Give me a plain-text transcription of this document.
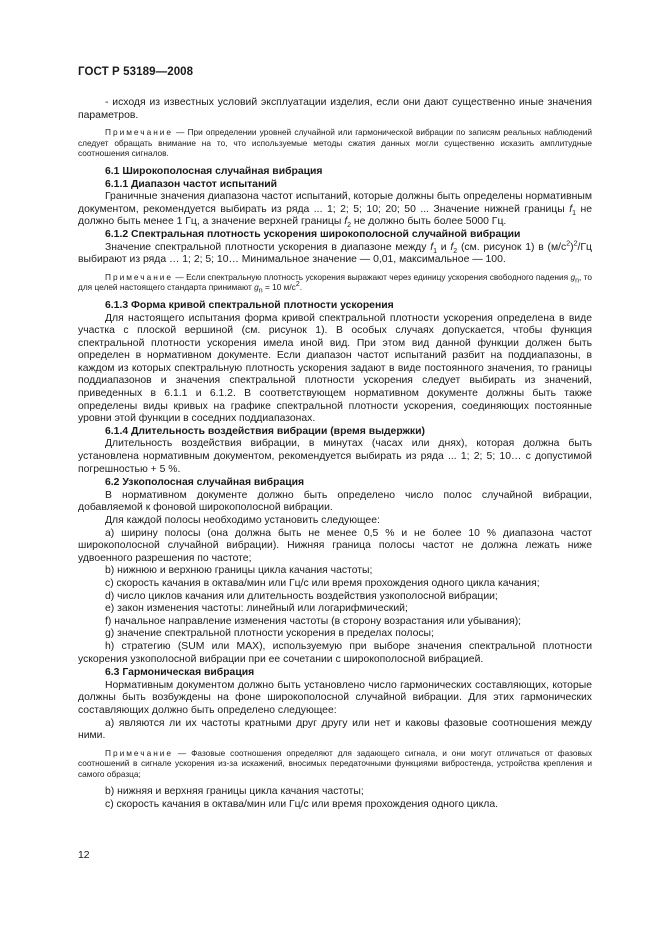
ГОСТ Р 53189—2008

- исходя из известных условий эксплуатации изделия, если они дают существенно иные значения параметров.

Примечание — При определении уровней случайной или гармонической вибрации по записям реальных наблюдений следует обращать внимание на то, что используемые методы сжатия данных могли существенно исказить амплитудные соотношения сигналов.

6.1 Широкополосная случайная вибрация

6.1.1 Диапазон частот испытаний

Граничные значения диапазона частот испытаний, которые должны быть определены нормативным документом, рекомендуется выбирать из ряда ... 1; 2; 5; 10; 20; 50 ... Значение нижней границы $f_1$ не должно быть менее 1 Гц, а значение верхней границы $f_2$ не должно быть более 5000 Гц.

6.1.2 Спектральная плотность ускорения широкополосной случайной вибрации

Значение спектральной плотности ускорения в диапазоне между $f_1$ и $f_2$ (см. рисунок 1) в $(м/с^2)^2/Гц$ выбирают из ряда … 1; 2; 5; 10… Минимальное значение — 0,01, максимальное — 100.

Примечание — Если спектральную плотность ускорения выражают через единицу ускорения свободного падения $g_n$, то для целей настоящего стандарта принимают $g_n = 10$ $м/с^2$.

6.1.3 Форма кривой спектральной плотности ускорения

Для настоящего испытания форма кривой спектральной плотности ускорения определена в виде участка с плоской вершиной (см. рисунок 1). В особых случаях допускается, чтобы функция спектральной плотности ускорения имела иной вид. При этом вид данной функции должен быть определен в нормативном документе. Если диапазон частот испытаний разбит на поддиапазоны, в каждом из которых спектральную плотность ускорения задают в виде постоянного значения, то границы поддиапазонов и значения спектральной плотности ускорения следует выбирать из значений, приведенных в 6.1.1 и 6.1.2. В соответствующем нормативном документе должны быть также определены виды кривых на графике спектральной плотности ускорения, соединяющих постоянные уровни этой функции в соседних поддиапазонах.

6.1.4 Длительность воздействия вибрации (время выдержки)

Длительность воздействия вибрации, в минутах (часах или днях), которая должна быть установлена нормативным документом, рекомендуется выбирать из ряда ... 1; 2; 5; 10… с допустимой погрешностью + 5 %.

6.2 Узкополосная случайная вибрация

В нормативном документе должно быть определено число полос случайной вибрации, добавляемой к фоновой широкополосной вибрации.

Для каждой полосы необходимо установить следующее:

а) ширину полосы (она должна быть не менее 0,5 % и не более 10 % диапазона частот широкополосной случайной вибрации). Нижняя граница полосы частот не должна лежать ниже удвоенного разрешения по частоте;

b) нижнюю и верхнюю границы цикла качания частоты;

c) скорость качания в октава/мин или Гц/с или время прохождения одного цикла качания;

d) число циклов качания или длительность воздействия узкополосной вибрации;

e) закон изменения частоты: линейный или логарифмический;

f) начальное направление изменения частоты (в сторону возрастания или убывания);

g) значение спектральной плотности ускорения в пределах полосы;

h) стратегию (SUM или MAX), используемую при выборе значения спектральной плотности ускорения узкополосной вибрации при ее сочетании с широкополосной вибрацией.

6.3 Гармоническая вибрация

Нормативным документом должно быть установлено число гармонических составляющих, которые должны быть возбуждены на фоне широкополосной случайной вибрации. Для этих гармонических составляющих должно быть определено следующее:

а) являются ли их частоты кратными друг другу или нет и каковы фазовые соотношения между ними.

Примечание — Фазовые соотношения определяют для задающего сигнала, и они могут отличаться от фазовых соотношений в сигнале ускорения из-за искажений, вносимых передаточными функциями вибростенда, устройства крепления и самого образца;

b) нижняя и верхняя границы цикла качания частоты;

c) скорость качания в октава/мин или Гц/с или время прохождения одного цикла.

12
